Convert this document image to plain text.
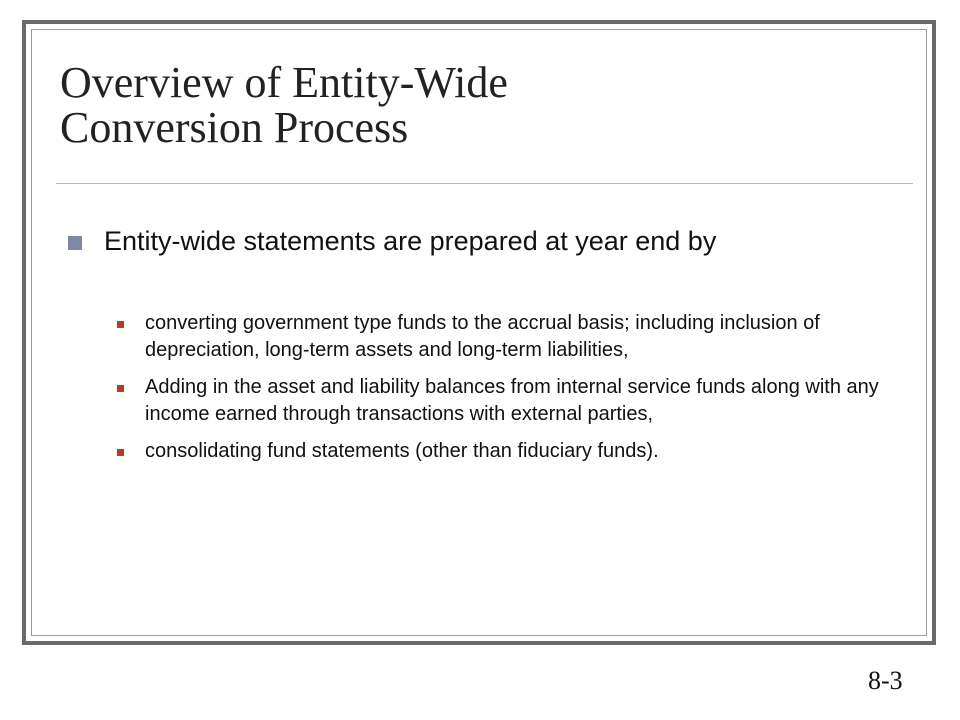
Overview of Entity-Wide
Conversion Process
Entity-wide statements are prepared at year end by
converting government type funds to the accrual basis; including inclusion of depreciation, long-term assets and long-term liabilities,
Adding in the asset and liability balances from internal service funds along with any income earned through transactions with external parties,
consolidating fund statements (other than fiduciary funds).
8-3
